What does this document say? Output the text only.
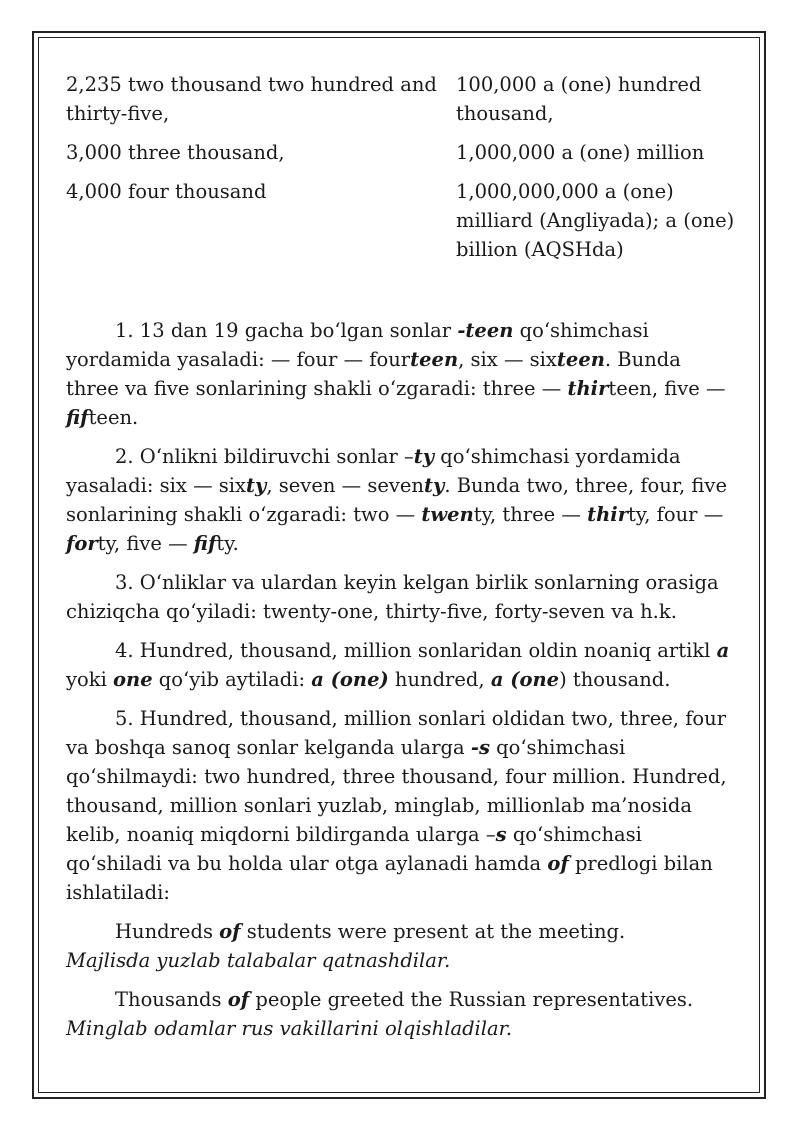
2,235 two thousand two hundred and thirty-five,
100,000 a (one) hundred thousand,
3,000 three thousand,	1,000,000 a (one) million
4,000 four thousand	1,000,000,000 a (one) milliard (Angliyada); a (one) billion (AQSHda)

1. 13 dan 19 gacha bo‘lgan sonlar -teen qo‘shimchasi yordamida yasaladi: — four — fourteen, six — sixteen. Bunda three va five sonlarining shakli o‘zgaradi: three — thirteen, five — fifteen.

2. O‘nlikni bildiruvchi sonlar –ty qo‘shimchasi yordamida yasaladi: six — sixty, seven — seventy. Bunda two, three, four, five sonlarining shakli o‘zgaradi: two — twenty, three — thirty, four — forty, five — fifty.

3. O‘nliklar va ulardan keyin kelgan birlik sonlarning orasiga chiziqcha qo‘yiladi: twenty-one, thirty-five, forty-seven va h.k.

4. Hundred, thousand, million sonlaridan oldin noaniq artikl a yoki one qo‘yib aytiladi: a (one) hundred, a (one) thousand.

5. Hundred, thousand, million sonlari oldidan two, three, four va boshqa sanoq sonlar kelganda ularga -s qo‘shimchasi qo‘shilmaydi: two hundred, three thousand, four million. Hundred, thousand, million sonlari yuzlab, minglab, millionlab ma’nosida kelib, noaniq miqdorni bildirganda ularga –s qo‘shimchasi qo‘shiladi va bu holda ular otga aylanadi hamda of predlogi bilan ishlatiladi:

Hundreds of students were present at the meeting.
Majlisda yuzlab talabalar qatnashdilar.
Thousands of people greeted the Russian representatives.
Minglab odamlar rus vakillarini olqishladilar.
